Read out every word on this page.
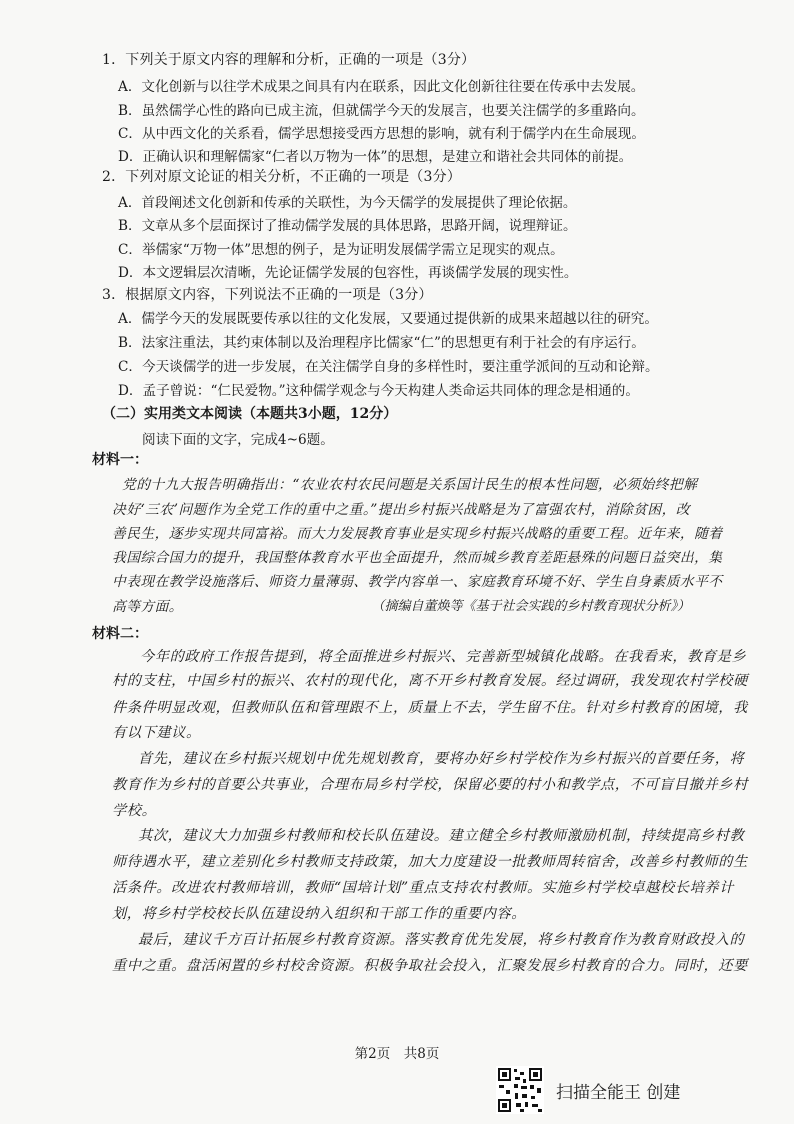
1．下列关于原文内容的理解和分析，正确的一项是（3分）
A．文化创新与以往学术成果之间具有内在联系，因此文化创新往往要在传承中去发展。
B．虽然儒学心性的路向已成主流，但就儒学今天的发展言，也要关注儒学的多重路向。
C．从中西文化的关系看，儒学思想接受西方思想的影响，就有利于儒学内在生命展现。
D．正确认识和理解儒家“仁者以万物为一体”的思想，是建立和谐社会共同体的前提。
2．下列对原文论证的相关分析，不正确的一项是（3分）
A．首段阐述文化创新和传承的关联性，为今天儒学的发展提供了理论依据。
B．文章从多个层面探讨了推动儒学发展的具体思路，思路开阔，说理辩证。
C．举儒家“万物一体”思想的例子，是为证明发展儒学需立足现实的观点。
D．本文逻辑层次清晰，先论证儒学发展的包容性，再谈儒学发展的现实性。
3．根据原文内容，下列说法不正确的一项是（3分）
A．儒学今天的发展既要传承以往的文化发展，又要通过提供新的成果来超越以往的研究。
B．法家注重法，其约束体制以及治理程序比儒家“仁”的思想更有利于社会的有序运行。
C．今天谈儒学的进一步发展，在关注儒学自身的多样性时，要注重学派间的互动和论辩。
D．孟子曾说：“仁民爱物。”这种儒学观念与今天构建人类命运共同体的理念是相通的。
（二）实用类文本阅读（本题共3小题，12分）
阅读下面的文字，完成4~6题。
材料一：
党的十九大报告明确指出：“农业农村农民问题是关系国计民生的根本性问题，必须始终把解
决好‘三农’问题作为全党工作的重中之重。”提出乡村振兴战略是为了富强农村，消除贫困，改
善民生，逐步实现共同富裕。而大力发展教育事业是实现乡村振兴战略的重要工程。近年来，随着
我国综合国力的提升，我国整体教育水平也全面提升，然而城乡教育差距悬殊的问题日益突出，集
中表现在教学设施落后、师资力量薄弱、教学内容单一、家庭教育环境不好、学生自身素质水平不
高等方面。	（摘编自董焕等《基于社会实践的乡村教育现状分析》）
材料二：
今年的政府工作报告提到，将全面推进乡村振兴、完善新型城镇化战略。在我看来，教育是乡
村的支柱，中国乡村的振兴、农村的现代化，离不开乡村教育发展。经过调研，我发现农村学校硬
件条件明显改观，但教师队伍和管理跟不上，质量上不去，学生留不住。针对乡村教育的困境，我
有以下建议。
首先，建议在乡村振兴规划中优先规划教育，要将办好乡村学校作为乡村振兴的首要任务，将
教育作为乡村的首要公共事业，合理布局乡村学校，保留必要的村小和教学点，不可盲目撤并乡村
学校。
其次，建议大力加强乡村教师和校长队伍建设。建立健全乡村教师激励机制，持续提高乡村教
师待遇水平，建立差别化乡村教师支持政策，加大力度建设一批教师周转宿舍，改善乡村教师的生
活条件。改进农村教师培训，教师“国培计划”重点支持农村教师。实施乡村学校卓越校长培养计
划，将乡村学校校长队伍建设纳入组织和干部工作的重要内容。
最后，建议千方百计拓展乡村教育资源。落实教育优先发展，将乡村教育作为教育财政投入的
重中之重。盘活闲置的乡村校舍资源。积极争取社会投入，汇聚发展乡村教育的合力。同时，还要
第2页　共8页
扫描全能王 创建
